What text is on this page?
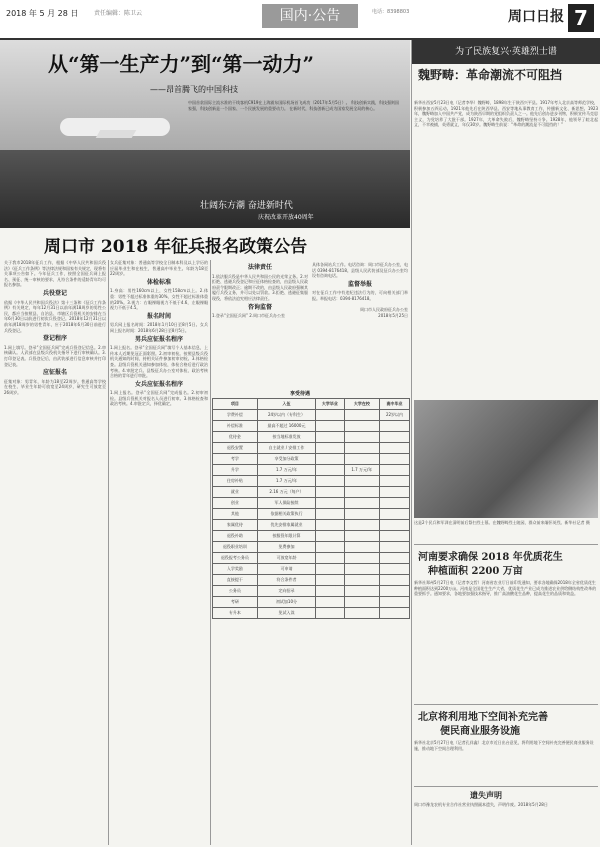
2018 年 5 月 28 日	责任编辑：陈卫云	国内·公告	电话：8398803	周口日报 7
从“第一生产力”到“第一动力”
——昂首腾飞的中国科技
中国首款国际主流水准的干线客机C919在上海浦东国际机场首飞成功（2017年5月5日）。 科技创新实践，科技强则国家强，科技创新是一个国家、一个民族发展的重要动力。 在新时代，科技创新已成为国家发展全局的核心。
壮阔东方潮 奋进新时代
庆祝改革开放40周年
为了民族复兴·英雄烈士谱
魏野畴：革命潮流不可阻挡
新华社西安5月23日电（记者李华）魏野畴，1898年生于陕西兴平县。1917年考入北京高等师范学校，积极参加五四运动。1921年他先后在陕西华县、西安等地从事教育工作，传播新文化、新思想。1923年，魏野畴加入中国共产党，成为陕西早期的党组织负责人之一。他先后创办进步刊物，积极宣传马克思主义，为党培养了大批干部。1927年，大革命失败后，魏野畴坚持斗争。1928年，他领导了皖北起义，不幸被捕，英勇就义，年仅30岁。魏野畴生前说：“革命的潮流是不可阻挡的！”
这是2个民兵和军训在清明前后祭扫烈士墓。在魏野畴烈士陵园，群众前来缅怀英烈。新华社记者 摄
周口市 2018 年征兵报名政策公告
关于我市2018年征兵工作，根据《中华人民共和国兵役法》《征兵工作条例》等法律法规和国家有关规定，现将有关事项公告如下。今年征兵工作，按照全国征兵网上报名、预征、统一审核的要求，凡符合条件的适龄青年均可报名参加。
兵役登记
依据《中华人民共和国兵役法》第十三条和《征兵工作条例》有关规定，每年12月31日以前年满18周岁的男性公民，都应当按照县、自治县、市辖区兵役机关的安排在当年6月30日以前进行初次兵役登记。2018年12月31日以前年满18周岁的男性青年，应于2018年6月30日前进行兵役登记。
登记程序
1.网上填写。登录“全国征兵网”完成兵役登记信息。2.审核确认。人武部在县级兵役机关指导下进行审核确认。3.打印登记表。兵役登记后，由武装部进行信息审核并打印登记表。
应征报名
征集对象：男青年，年龄为18至22周岁。普通高等学校在校生、毕业生年龄可放宽至24周岁，研究生可放宽至26周岁。
女兵征集对象：普通高等学校全日制本科及以上学历的应届毕业生和在校生，普通高中毕业生。年龄为18至22周岁。
体检标准
1.身高：男性160cm以上，女性158cm以上。2.体重：男性不超过标准体重的30%，女性不超过标准体重的20%。3.视力：右眼裸眼视力不低于4.6，左眼裸眼视力不低于4.5。
报名时间
男兵网上报名时间：2018年1月10日至8月5日。女兵网上报名时间：2018年6月28日至8月5日。
男兵应征报名程序
1.网上报名。登录“全国征兵网”填写个人基本信息，上传本人近期免冠正面彩照。2.初审初检。按照县级兵役机关通知的时间，持相关证件参加初审初检。3.体格检查。县级兵役机关通知参加体检，体检合格后进行政治考核。4.审批定兵。县级征兵办公室对体检、政治考核合格的青年进行审批。
女兵应征报名程序
1.网上报名。登录“全国征兵网”完成报名。2.初审初检。县级兵役机关对报名人员进行初审。3.体格检查和政治考核。4.审批定兵，择优确定。
法律责任
1.依法服兵役是中华人民共和国公民的光荣义务。2.对拒绝、逃避兵役登记和应征体格检查的，由县级人民政府责令限期改正；逾期不改的，由县级人民政府强制其履行兵役义务，并可以处以罚款。3.拒绝、逃避征集服现役，将依法追究相应法律责任。
咨询监督
1.登录“全国征兵网” 2.周口市征兵办公室
具体各网站兵工作。电话咨询：周口市征兵办公室，电话 0394-8176418。县级人民武装部及征兵办公室均设有咨询电话。
监督举报
对在征兵工作中有违纪违法行为的，可向相关部门举报。举报电话：0394-8176418。

周口市人民政府征兵办公室
2018年5月25日
享受待遇
项目	入伍	大学毕业	大学在校	高中毕业
学费补偿	24岁以内（专科生）			22岁以内
补偿标准	最高不超过 16000元			
优待金	按当地标准发放			
退役安置	自主就业 / 安排工作			
考学	享受加分政策			
升学	1.7 万元/年		1.7 万元/年	
住房补贴	1.7 万元/年			
就业	2.16 万元（每户）			
创业	军人保险接续			
其他	依据相关政策执行			
家属优待	优先安排家属就业			
退役补助	按服役年限计算			
退役职业培训	免费参加			
退役报考公务员	可放宽年龄			
入学奖励	可申请			
直接提干	符合条件者			
公务员	定向招录			
考研	初试加10分			
专升本	免试入读			
河南要求确保 2018 年优质花生
种植面积 2200 万亩
新华社郑州5月27日电（记者李文哲）河南省农业厅日前印发通知，要求各地确保2018年全省优质花生种植面积达到2200万亩。河南是全国花生生产大省，优质花生产业已成为推进农业供给侧结构性改革的重要抓手。通知要求，各地要加强技术指导，推广高油酸花生品种，提高花生的品质和效益。
北京将利用地下空间补充完善
便民商业服务设施
新华社北京5月27日电（记者孔祥鑫）北京市近日出台意见，将利用地下空间补充完善便民商业服务设施，推动地下空间合理利用。
遗失声明
周口市豫龙农机专业合作社营业执照副本遗失，声明作废。2018年5月28日
